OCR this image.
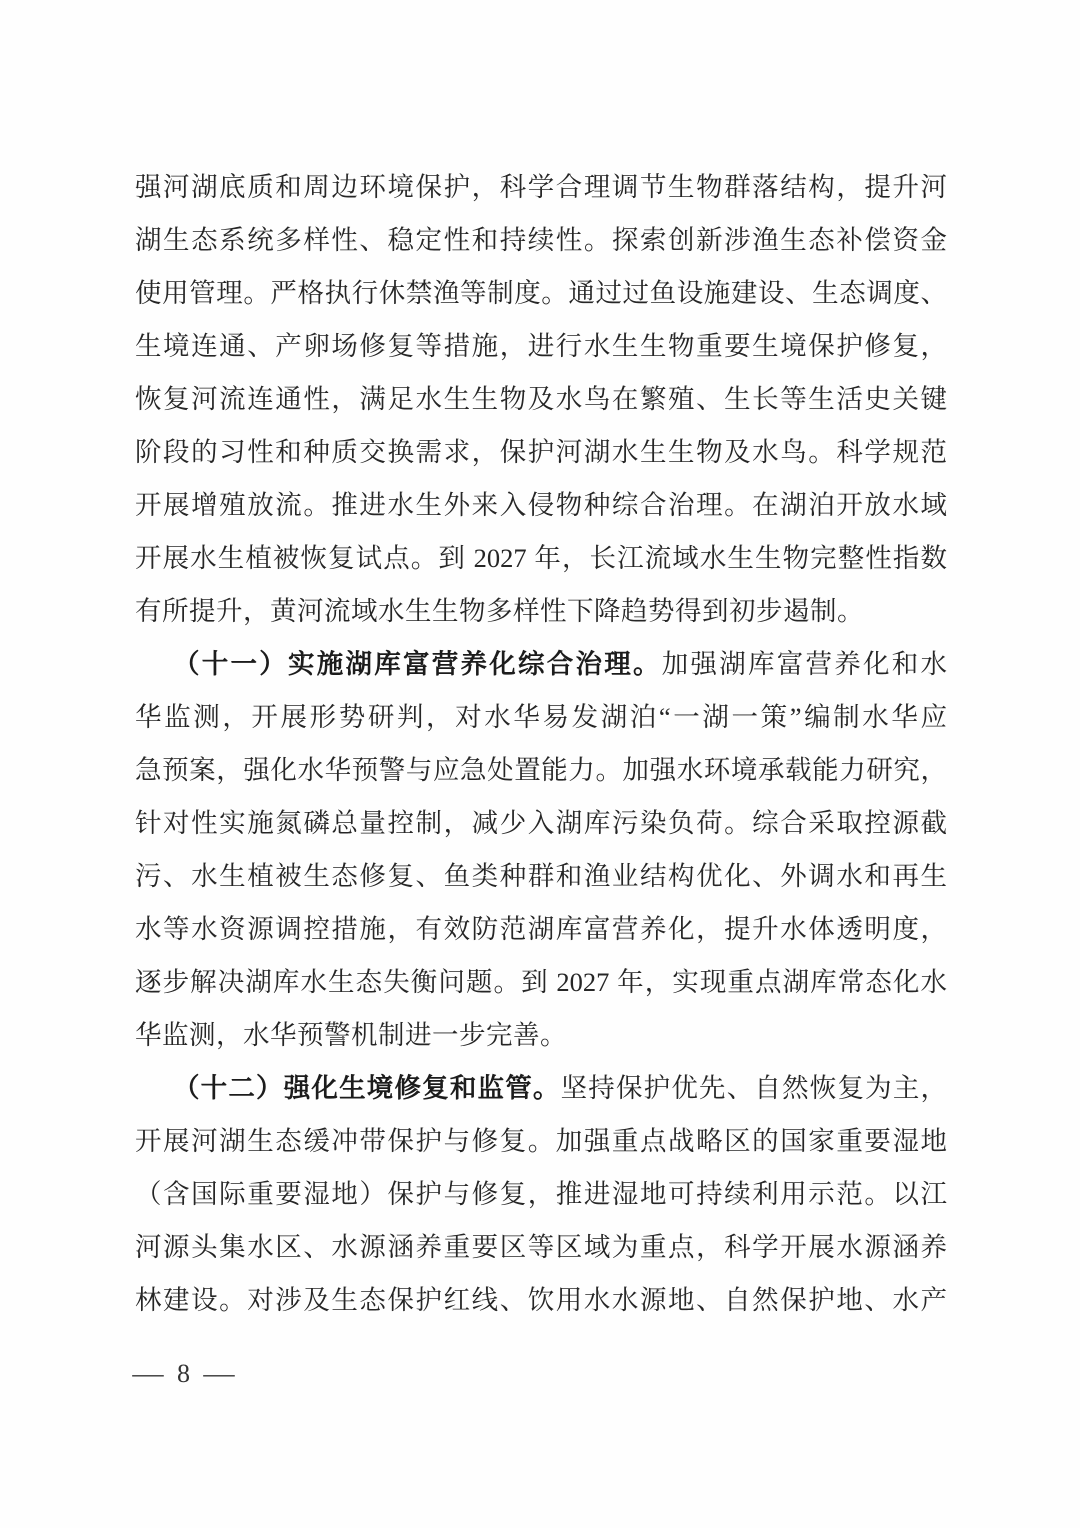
强河湖底质和周边环境保护，科学合理调节生物群落结构，提升河
湖生态系统多样性、稳定性和持续性。探索创新涉渔生态补偿资金
使用管理。严格执行休禁渔等制度。通过过鱼设施建设、生态调度、
生境连通、产卵场修复等措施，进行水生生物重要生境保护修复，
恢复河流连通性，满足水生生物及水鸟在繁殖、生长等生活史关键
阶段的习性和种质交换需求，保护河湖水生生物及水鸟。科学规范
开展增殖放流。推进水生外来入侵物种综合治理。在湖泊开放水域
开展水生植被恢复试点。到 2027 年，长江流域水生生物完整性指数
有所提升，黄河流域水生生物多样性下降趋势得到初步遏制。
（十一）实施湖库富营养化综合治理。加强湖库富营养化和水
华监测，开展形势研判，对水华易发湖泊“一湖一策”编制水华应
急预案，强化水华预警与应急处置能力。加强水环境承载能力研究，
针对性实施氮磷总量控制，减少入湖库污染负荷。综合采取控源截
污、水生植被生态修复、鱼类种群和渔业结构优化、外调水和再生
水等水资源调控措施，有效防范湖库富营养化，提升水体透明度，
逐步解决湖库水生态失衡问题。到 2027 年，实现重点湖库常态化水
华监测，水华预警机制进一步完善。
（十二）强化生境修复和监管。坚持保护优先、自然恢复为主，
开展河湖生态缓冲带保护与修复。加强重点战略区的国家重要湿地
（含国际重要湿地）保护与修复，推进湿地可持续利用示范。以江
河源头集水区、水源涵养重要区等区域为重点，科学开展水源涵养
林建设。对涉及生态保护红线、饮用水水源地、自然保护地、水产
— 8 —
